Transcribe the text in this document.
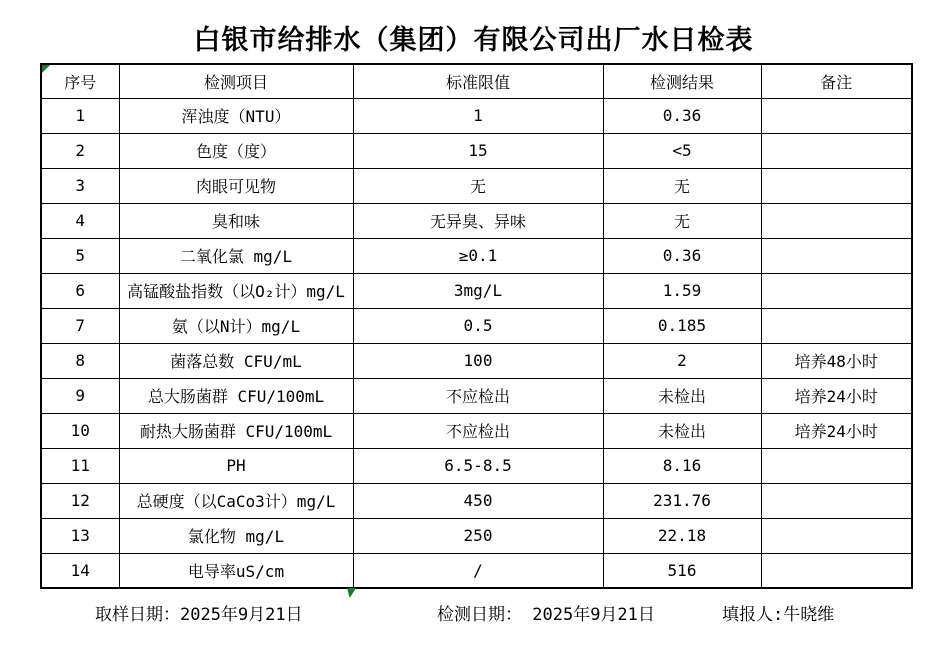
白银市给排水（集团）有限公司出厂水日检表
序号	检测项目	标准限值	检测结果	备注
1	浑浊度（NTU）	1	0.36	
2	色度（度）	15	<5	
3	肉眼可见物	无	无	
4	臭和味	无异臭、异味	无	
5	二氧化氯 mg/L	≥0.1	0.36	
6	高锰酸盐指数（以O₂计）mg/L	3mg/L	1.59	
7	氨（以N计）mg/L	0.5	0.185	
8	菌落总数 CFU/mL	100	2	培养48小时
9	总大肠菌群 CFU/100mL	不应检出	未检出	培养24小时
10	耐热大肠菌群 CFU/100mL	不应检出	未检出	培养24小时
11	PH	6.5-8.5	8.16	
12	总硬度（以CaCo3计）mg/L	450	231.76	
13	氯化物 mg/L	250	22.18	
14	电导率uS/cm	/	516	
取样日期：2025年9月21日	检测日期： 2025年9月21日	填报人:牛晓维
